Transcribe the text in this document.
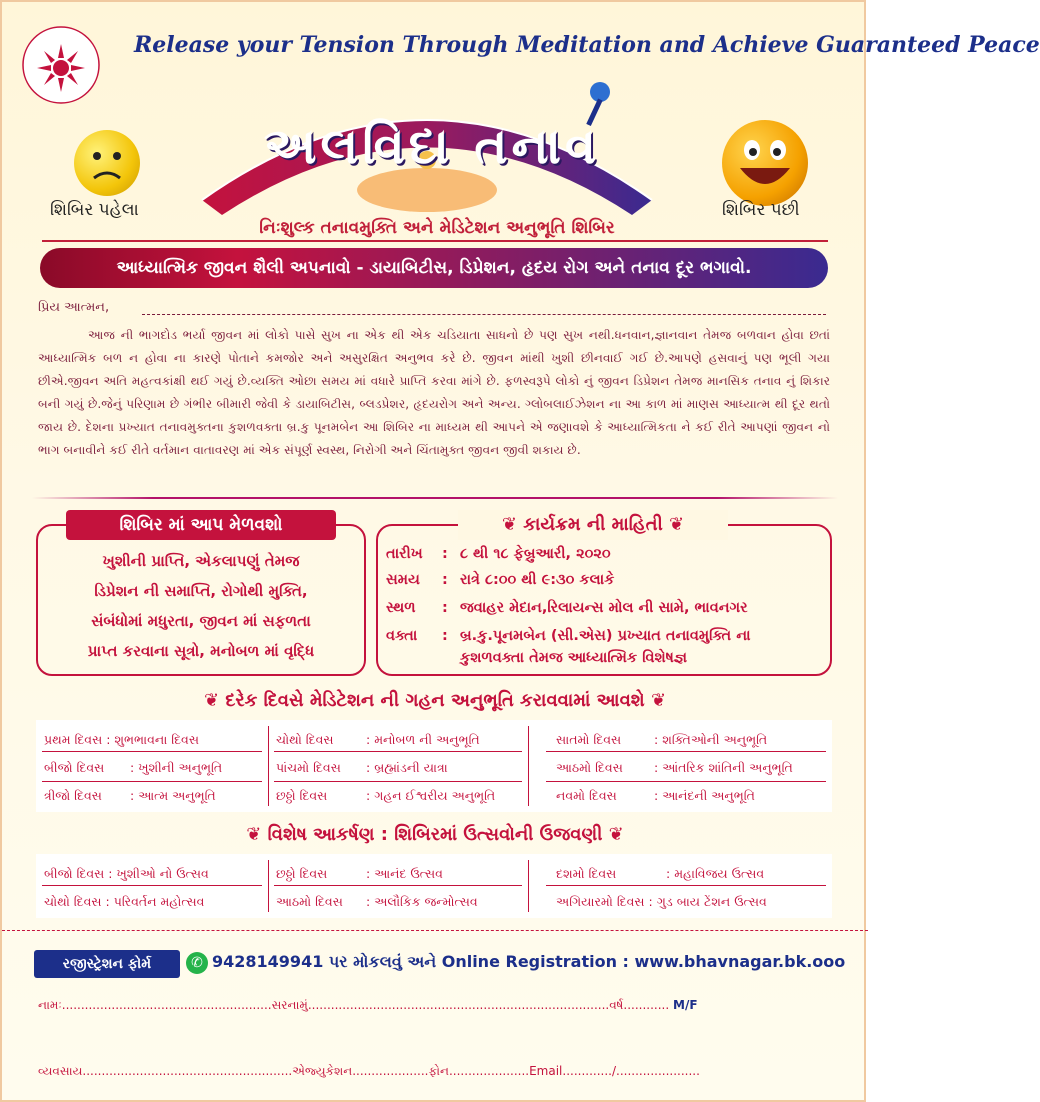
Release your Tension Through Meditation and Achieve Guaranteed Peace
અલવિદા તનાવ
શિબિર પહેલા	શિબિર પછી
નિઃશુલ્ક તનાવમુક્તિ અને મેડિટેશન અનુભૂતિ શિબિર
આધ્યાત્મિક જીવન શૈલી અપનાવો - ડાયાબિટીસ, ડિપ્રેશન, હૃદય રોગ અને તનાવ દૂર ભગાવો.
પ્રિય આત્મન,
આજ ની ભાગદોડ ભર્યા જીવન માં લોકો પાસે સુખ ના એક થી એક ચડિયાતા સાધનો છે પણ સુખ નથી.ધનવાન,જ્ઞાનવાન તેમજ બળવાન હોવા છતાં આધ્યાત્મિક બળ ન હોવા ના કારણે પોતાને કમજોર અને અસુરક્ષિત અનુભવ કરે છે. જીવન માંથી ખુશી છીનવાઈ ગઈ છે.આપણે હસવાનું પણ ભૂલી ગયા છીએ.જીવન અતિ મહત્વકાંક્ષી થઈ ગયું છે.વ્યક્તિ ઓછા સમય માં વધારે પ્રાપ્તિ કરવા માંગે છે. ફળસ્વરૂપે લોકો નું જીવન ડિપ્રેશન તેમજ માનસિક તનાવ નું શિકાર બની ગયું છે.જેનું પરિણામ છે ગંભીર બીમારી જેવી કે ડાયાબિટીસ, બ્લડપ્રેશર, હૃદયરોગ અને અન્ય. ગ્લોબલાઈઝેશન ના આ કાળ માં માણસ આધ્યાત્મ થી દૂર થતો જાય છે. દેશના પ્રખ્યાત તનાવમુક્તના કુશળવક્તા બ્ર.કુ પૂનમબેન આ શિબિર ના માધ્યમ થી આપને એ જણાવશે કે આધ્યાત્મિકતા ને કઈ રીતે આપણાં જીવન નો ભાગ બનાવીને કઈ રીતે વર્તમાન વાતાવરણ માં એક સંપૂર્ણ સ્વસ્થ, નિરોગી અને ચિંતામુક્ત જીવન જીવી શકાય છે.
શિબિર માં આપ મેળવશો
ખુશીની પ્રાપ્તિ, એકલાપણું તેમજ
ડિપ્રેશન ની સમાપ્તિ, રોગોથી મુક્તિ,
સંબંધોમાં મધુરતા, જીવન માં સફળતા
પ્રાપ્ત કરવાના સૂત્રો, મનોબળ માં વૃદ્ધિ
❦ કાર્યક્રમ ની માહિતી ❦
તારીખ : ૮ થી ૧૮ ફેબ્રુઆરી, ૨૦૨૦
સમય : રાત્રે ૮:૦૦ થી ૯:૩૦ કલાકે
સ્થળ : જવાહર મેદાન,રિલાયન્સ મોલ ની સામે, ભાવનગર
વક્તા : બ્ર.કુ.પૂનમબેન (સી.એસ) પ્રખ્યાત તનાવમુક્તિ ના
કુશળવક્તા તેમજ આધ્યાત્મિક વિશેષજ્ઞ
❦ દરેક દિવસે મેડિટેશન ની ગહન અનુભૂતિ કરાવવામાં આવશે ❦
પ્રથમ દિવસ : શુભભાવના દિવસ	ચોથો દિવસ	: મનોબળ ની અનુભૂતિ	સાતમો દિવસ	: શક્તિઓની અનુભૂતિ
બીજો દિવસ : ખુશીની અનુભૂતિ	પાંચમો દિવસ : બ્રહ્માંડની યાત્રા	આઠમો દિવસ : આંતરિક શાંતિની અનુભૂતિ
ત્રીજો દિવસ : આત્મ અનુભૂતિ	છઠ્ઠો દિવસ	: ગહન ઈશ્વરીય અનુભૂતિ	નવમો દિવસ	: આનંદની અનુભૂતિ
❦ વિશેષ આકર્ષણ : શિબિરમાં ઉત્સવોની ઉજવણી ❦
બીજો દિવસ : ખુશીઓ નો ઉત્સવ	છઠ્ઠો દિવસ	: આનંદ ઉત્સવ	દશમો દિવસ	: મહાવિજય ઉત્સવ
ચોથો દિવસ : પરિવર્તન મહોત્સવ	આઠમો દિવસ : અલૌકિક જન્મોત્સવ	અગિયારમો દિવસ : ગુડ બાય ટેંશન ઉત્સવ
રજીસ્ટ્રેશન ફોર્મ	✆ 9428149941 પર મોકલવું અને Online Registration : www.bhavnagar.bk.ooo
નામઃ.......................................................સરનામું...............................................................................વર્ષ............ M/F
વ્યવસાય.......................................................એજ્યુકેશન....................ફોન.....................Email............./......................
